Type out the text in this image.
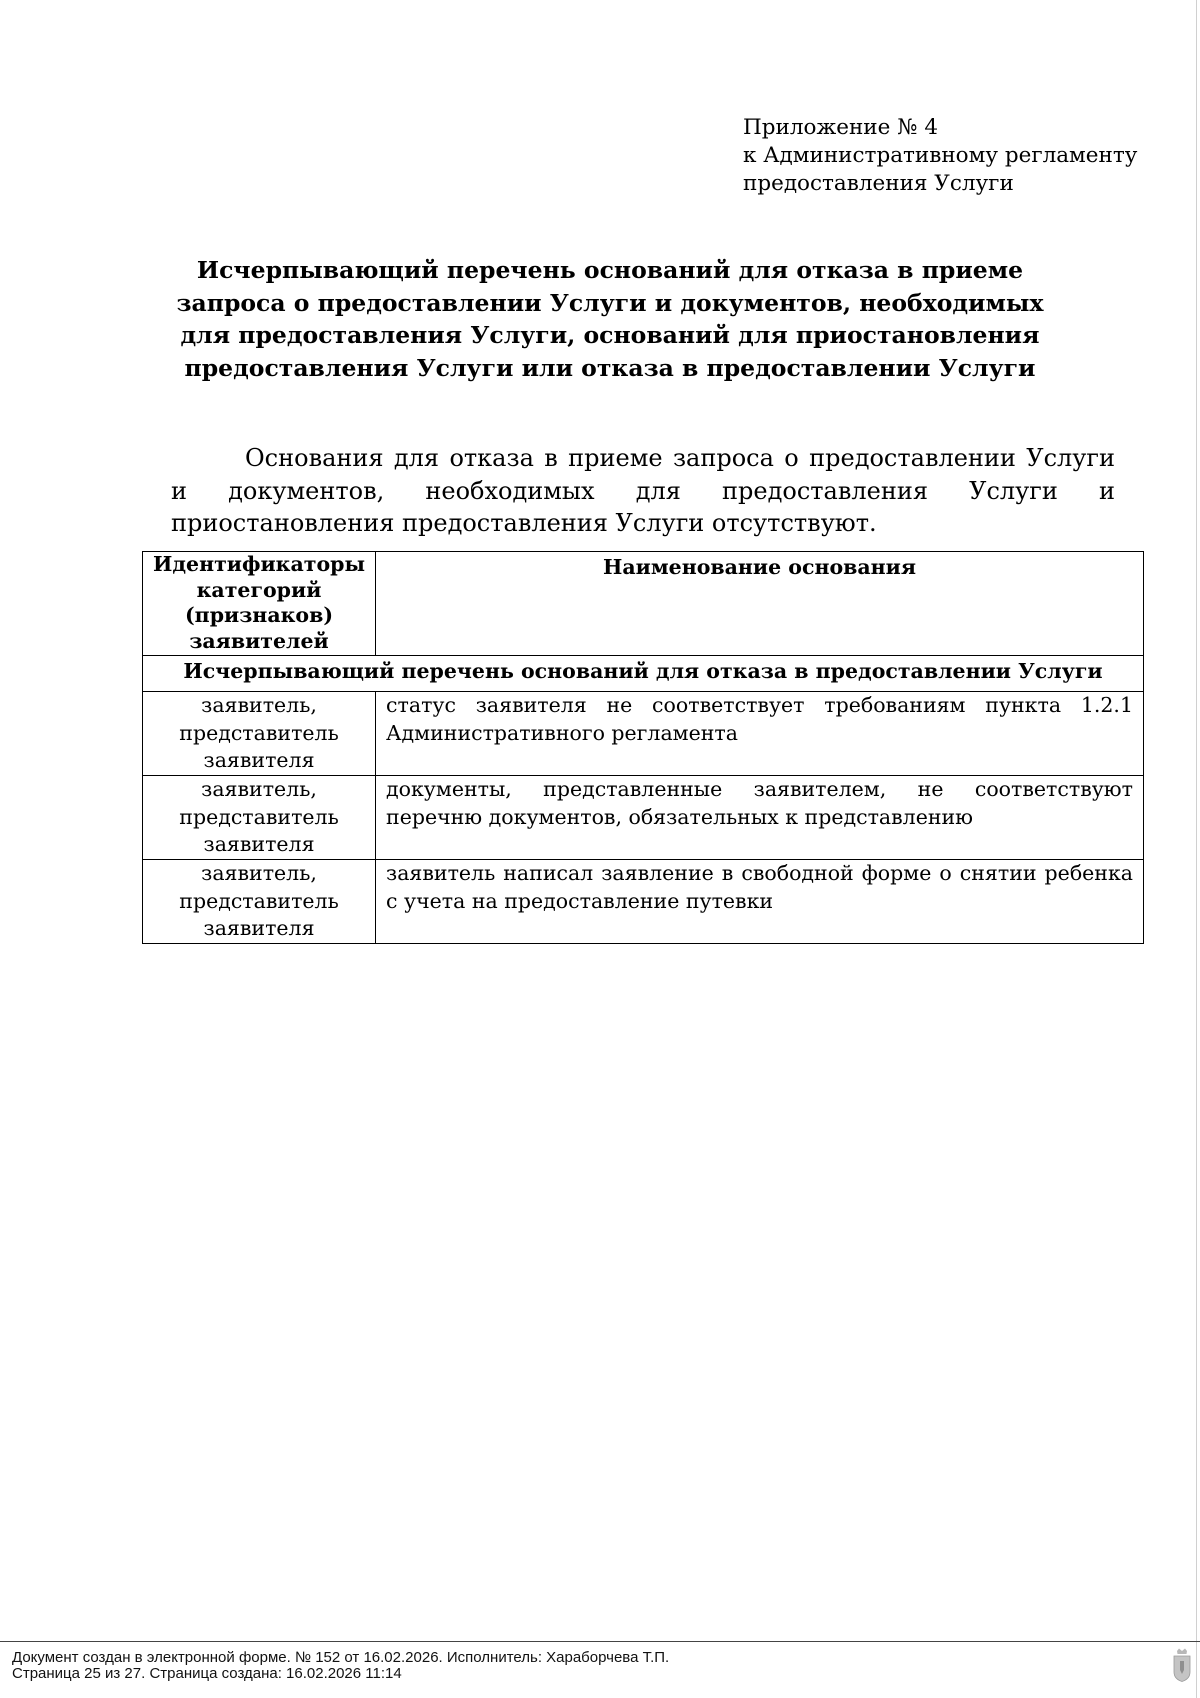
Приложение № 4
к Административному регламенту
предоставления Услуги
Исчерпывающий перечень оснований для отказа в приеме запроса о предоставлении Услуги и документов, необходимых для предоставления Услуги, оснований для приостановления предоставления Услуги или отказа в предоставлении Услуги
Основания для отказа в приеме запроса о предоставлении Услуги и документов, необходимых для предоставления Услуги и приостановления предоставления Услуги отсутствуют.
Идентификаторы категорий (признаков) заявителей	Наименование основания
Исчерпывающий перечень оснований для отказа в предоставлении Услуги	
заявитель, представитель заявителя	статус заявителя не соответствует требованиям пункта 1.2.1 Административного регламента
заявитель, представитель заявителя	документы, представленные заявителем, не соответствуют перечню документов, обязательных к представлению
заявитель, представитель заявителя	заявитель написал заявление в свободной форме о снятии ребенка с учета на предоставление путевки
Документ создан в электронной форме. № 152 от 16.02.2026. Исполнитель: Хараборчева Т.П.
Страница 25 из 27. Страница создана: 16.02.2026 11:14
